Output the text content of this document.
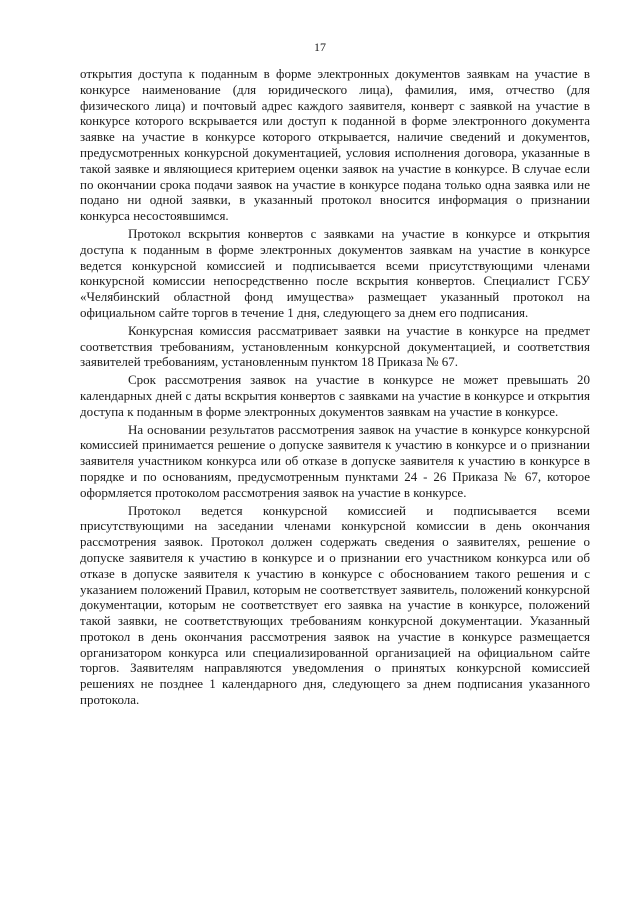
17

открытия доступа к поданным в форме электронных документов заявкам на участие в конкурсе наименование (для юридического лица), фамилия, имя, отчество (для физического лица) и почтовый адрес каждого заявителя, конверт с заявкой на участие в конкурсе которого вскрывается или доступ к поданной в форме электронного документа заявке на участие в конкурсе которого открывается, наличие сведений и документов, предусмотренных конкурсной документацией, условия исполнения договора, указанные в такой заявке и являющиеся критерием оценки заявок на участие в конкурсе. В случае если по окончании срока подачи заявок на участие в конкурсе подана только одна заявка или не подано ни одной заявки, в указанный протокол вносится информация о признании конкурса несостоявшимся.

Протокол вскрытия конвертов с заявками на участие в конкурсе и открытия доступа к поданным в форме электронных документов заявкам на участие в конкурсе ведется конкурсной комиссией и подписывается всеми присутствующими членами конкурсной комиссии непосредственно после вскрытия конвертов. Специалист ГСБУ «Челябинский областной фонд имущества» размещает указанный протокол на официальном сайте торгов в течение 1 дня, следующего за днем его подписания.

Конкурсная комиссия рассматривает заявки на участие в конкурсе на предмет соответствия требованиям, установленным конкурсной документацией, и соответствия заявителей требованиям, установленным пунктом 18 Приказа № 67.

Срок рассмотрения заявок на участие в конкурсе не может превышать 20 календарных дней с даты вскрытия конвертов с заявками на участие в конкурсе и открытия доступа к поданным в форме электронных документов заявкам на участие в конкурсе.

На основании результатов рассмотрения заявок на участие в конкурсе конкурсной комиссией принимается решение о допуске заявителя к участию в конкурсе и о признании заявителя участником конкурса или об отказе в допуске заявителя к участию в конкурсе в порядке и по основаниям, предусмотренным пунктами 24 - 26 Приказа № 67, которое оформляется протоколом рассмотрения заявок на участие в конкурсе.

Протокол ведется конкурсной комиссией и подписывается всеми присутствующими на заседании членами конкурсной комиссии в день окончания рассмотрения заявок. Протокол должен содержать сведения о заявителях, решение о допуске заявителя к участию в конкурсе и о признании его участником конкурса или об отказе в допуске заявителя к участию в конкурсе с обоснованием такого решения и с указанием положений Правил, которым не соответствует заявитель, положений конкурсной документации, которым не соответствует его заявка на участие в конкурсе, положений такой заявки, не соответствующих требованиям конкурсной документации. Указанный протокол в день окончания рассмотрения заявок на участие в конкурсе размещается организатором конкурса или специализированной организацией на официальном сайте торгов. Заявителям направляются уведомления о принятых конкурсной комиссией решениях не позднее 1 календарного дня, следующего за днем подписания указанного протокола.
